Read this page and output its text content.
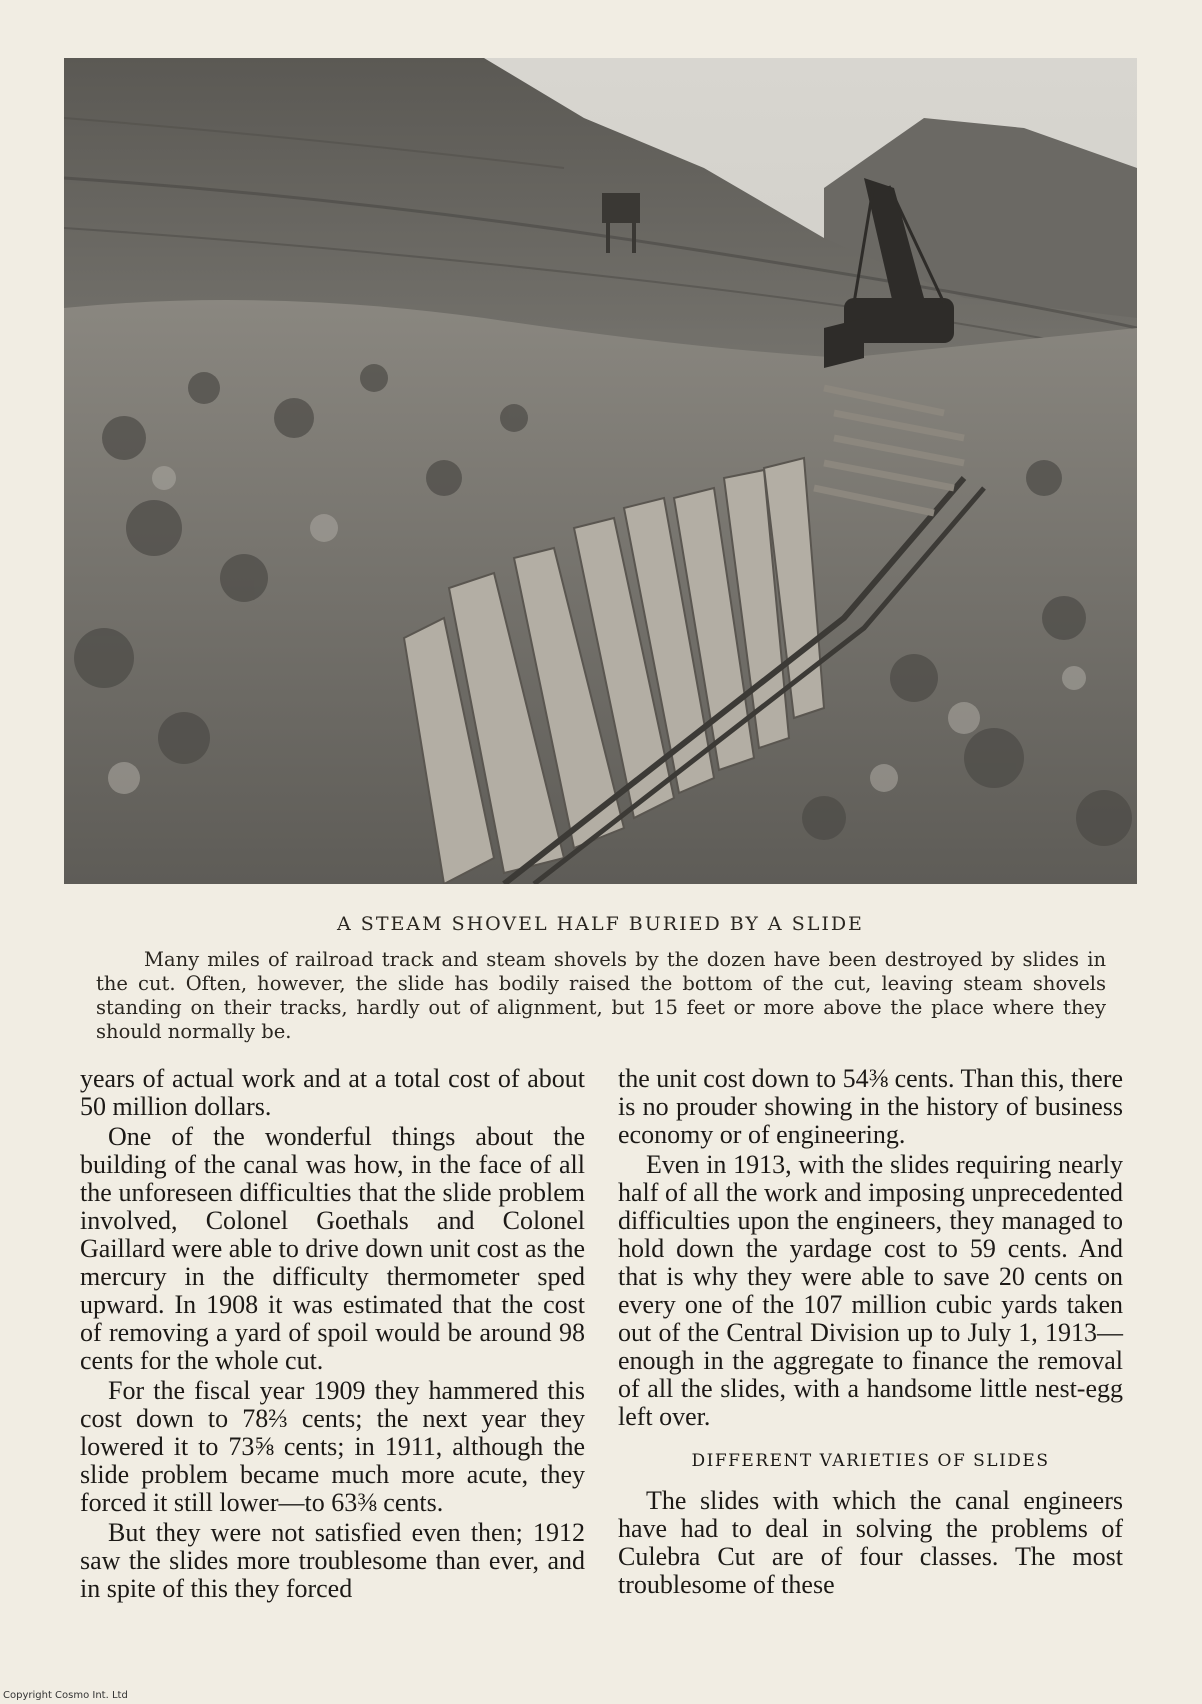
A STEAM SHOVEL HALF BURIED BY A SLIDE

Many miles of railroad track and steam shovels by the dozen have been destroyed by slides in the cut. Often, however, the slide has bodily raised the bottom of the cut, leaving steam shovels standing on their tracks, hardly out of alignment, but 15 feet or more above the place where they should normally be.

years of actual work and at a total cost of about 50 million dollars.

One of the wonderful things about the building of the canal was how, in the face of all the unforeseen difficulties that the slide problem involved, Colonel Goethals and Colonel Gaillard were able to drive down unit cost as the mercury in the difficulty thermometer sped upward. In 1908 it was estimated that the cost of removing a yard of spoil would be around 98 cents for the whole cut.

For the fiscal year 1909 they hammered this cost down to 78⅔ cents; the next year they lowered it to 73⅝ cents; in 1911, although the slide problem became much more acute, they forced it still lower—to 63⅜ cents.

But they were not satisfied even then; 1912 saw the slides more troublesome than ever, and in spite of this they forced

the unit cost down to 54⅜ cents. Than this, there is no prouder showing in the history of business economy or of engineering.

Even in 1913, with the slides requiring nearly half of all the work and imposing unprecedented difficulties upon the engineers, they managed to hold down the yardage cost to 59 cents. And that is why they were able to save 20 cents on every one of the 107 million cubic yards taken out of the Central Division up to July 1, 1913—enough in the aggregate to finance the removal of all the slides, with a handsome little nest-egg left over.

DIFFERENT VARIETIES OF SLIDES

The slides with which the canal engineers have had to deal in solving the problems of Culebra Cut are of four classes. The most troublesome of these

Copyright Cosmo Int. Ltd
